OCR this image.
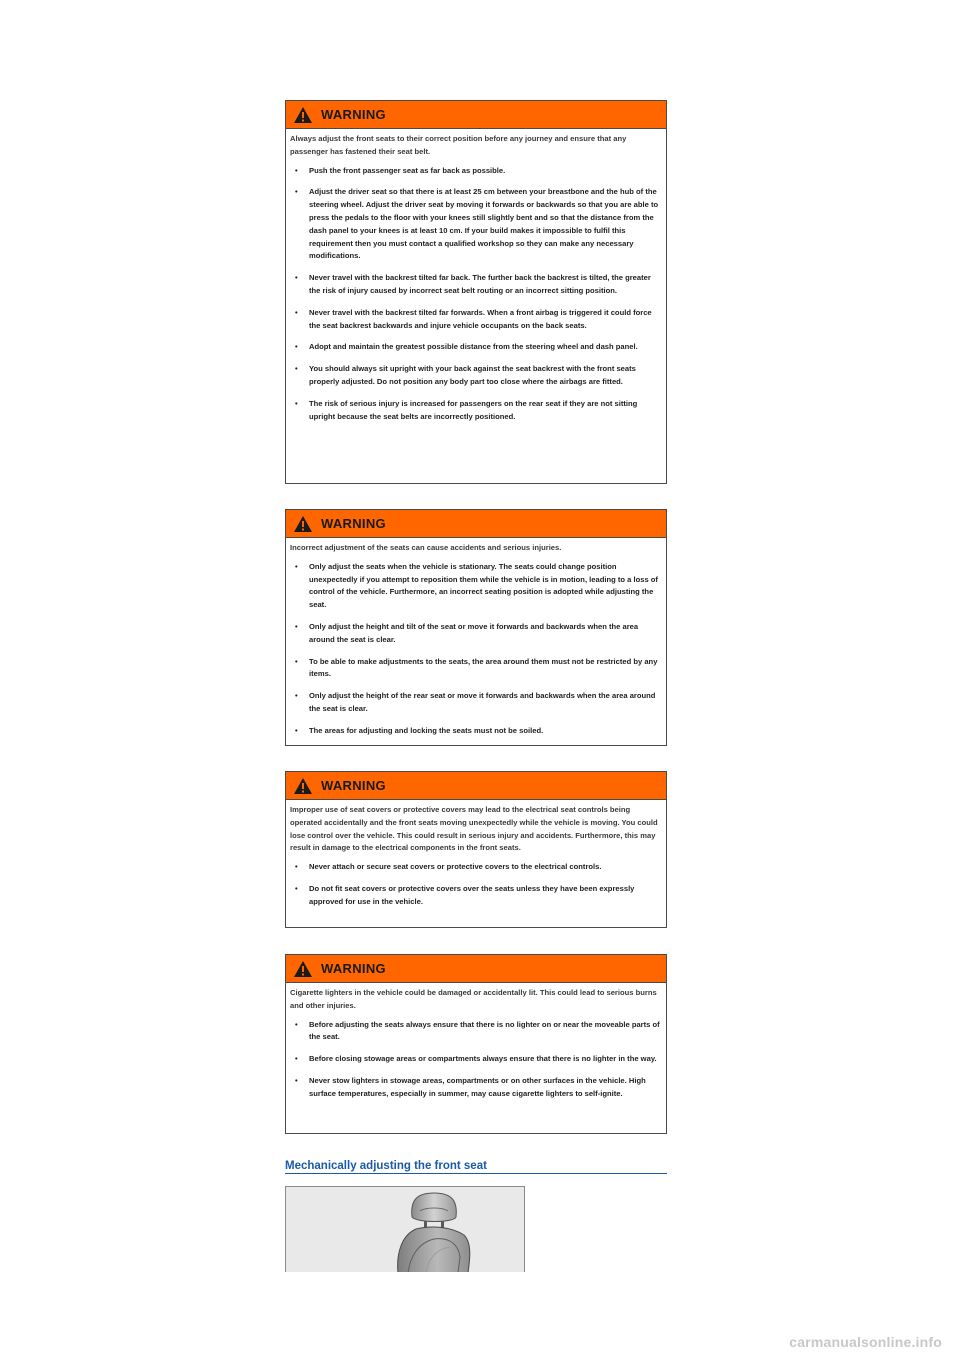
WARNING

Always adjust the front seats to their correct position before any journey and ensure that any passenger has fastened their seat belt.

•	Push the front passenger seat as far back as possible.
•	Adjust the driver seat so that there is at least 25 cm between your breastbone and the hub of the steering wheel. Adjust the driver seat by moving it forwards or backwards so that you are able to press the pedals to the floor with your knees still slightly bent and so that the distance from the dash panel to your knees is at least 10 cm. If your build makes it impossible to fulfil this requirement then you must contact a qualified workshop so they can make any necessary modifications.
•	Never travel with the backrest tilted far back. The further back the backrest is tilted, the greater the risk of injury caused by incorrect seat belt routing or an incorrect sitting position.
•	Never travel with the backrest tilted far forwards. When a front airbag is triggered it could force the seat backrest backwards and injure vehicle occupants on the back seats.
•	Adopt and maintain the greatest possible distance from the steering wheel and dash panel.
•	You should always sit upright with your back against the seat backrest with the front seats properly adjusted. Do not position any body part too close where the airbags are fitted.
•	The risk of serious injury is increased for passengers on the rear seat if they are not sitting upright because the seat belts are incorrectly positioned.
WARNING

Incorrect adjustment of the seats can cause accidents and serious injuries.

•	Only adjust the seats when the vehicle is stationary. The seats could change position unexpectedly if you attempt to reposition them while the vehicle is in motion, leading to a loss of control of the vehicle. Furthermore, an incorrect seating position is adopted while adjusting the seat.
•	Only adjust the height and tilt of the seat or move it forwards and backwards when the area around the seat is clear.
•	To be able to make adjustments to the seats, the area around them must not be restricted by any items.
•	Only adjust the height of the rear seat or move it forwards and backwards when the area around the seat is clear.
•	The areas for adjusting and locking the seats must not be soiled.
WARNING

Improper use of seat covers or protective covers may lead to the electrical seat controls being operated accidentally and the front seats moving unexpectedly while the vehicle is moving. You could lose control over the vehicle. This could result in serious injury and accidents. Furthermore, this may result in damage to the electrical components in the front seats.

•	Never attach or secure seat covers or protective covers to the electrical controls.
•	Do not fit seat covers or protective covers over the seats unless they have been expressly approved for use in the vehicle.
WARNING

Cigarette lighters in the vehicle could be damaged or accidentally lit. This could lead to serious burns and other injuries.

•	Before adjusting the seats always ensure that there is no lighter on or near the moveable parts of the seat.
•	Before closing stowage areas or compartments always ensure that there is no lighter in the way.
•	Never stow lighters in stowage areas, compartments or on other surfaces in the vehicle. High surface temperatures, especially in summer, may cause cigarette lighters to self-ignite.
Mechanically adjusting the front seat
carmanualsonline.info
